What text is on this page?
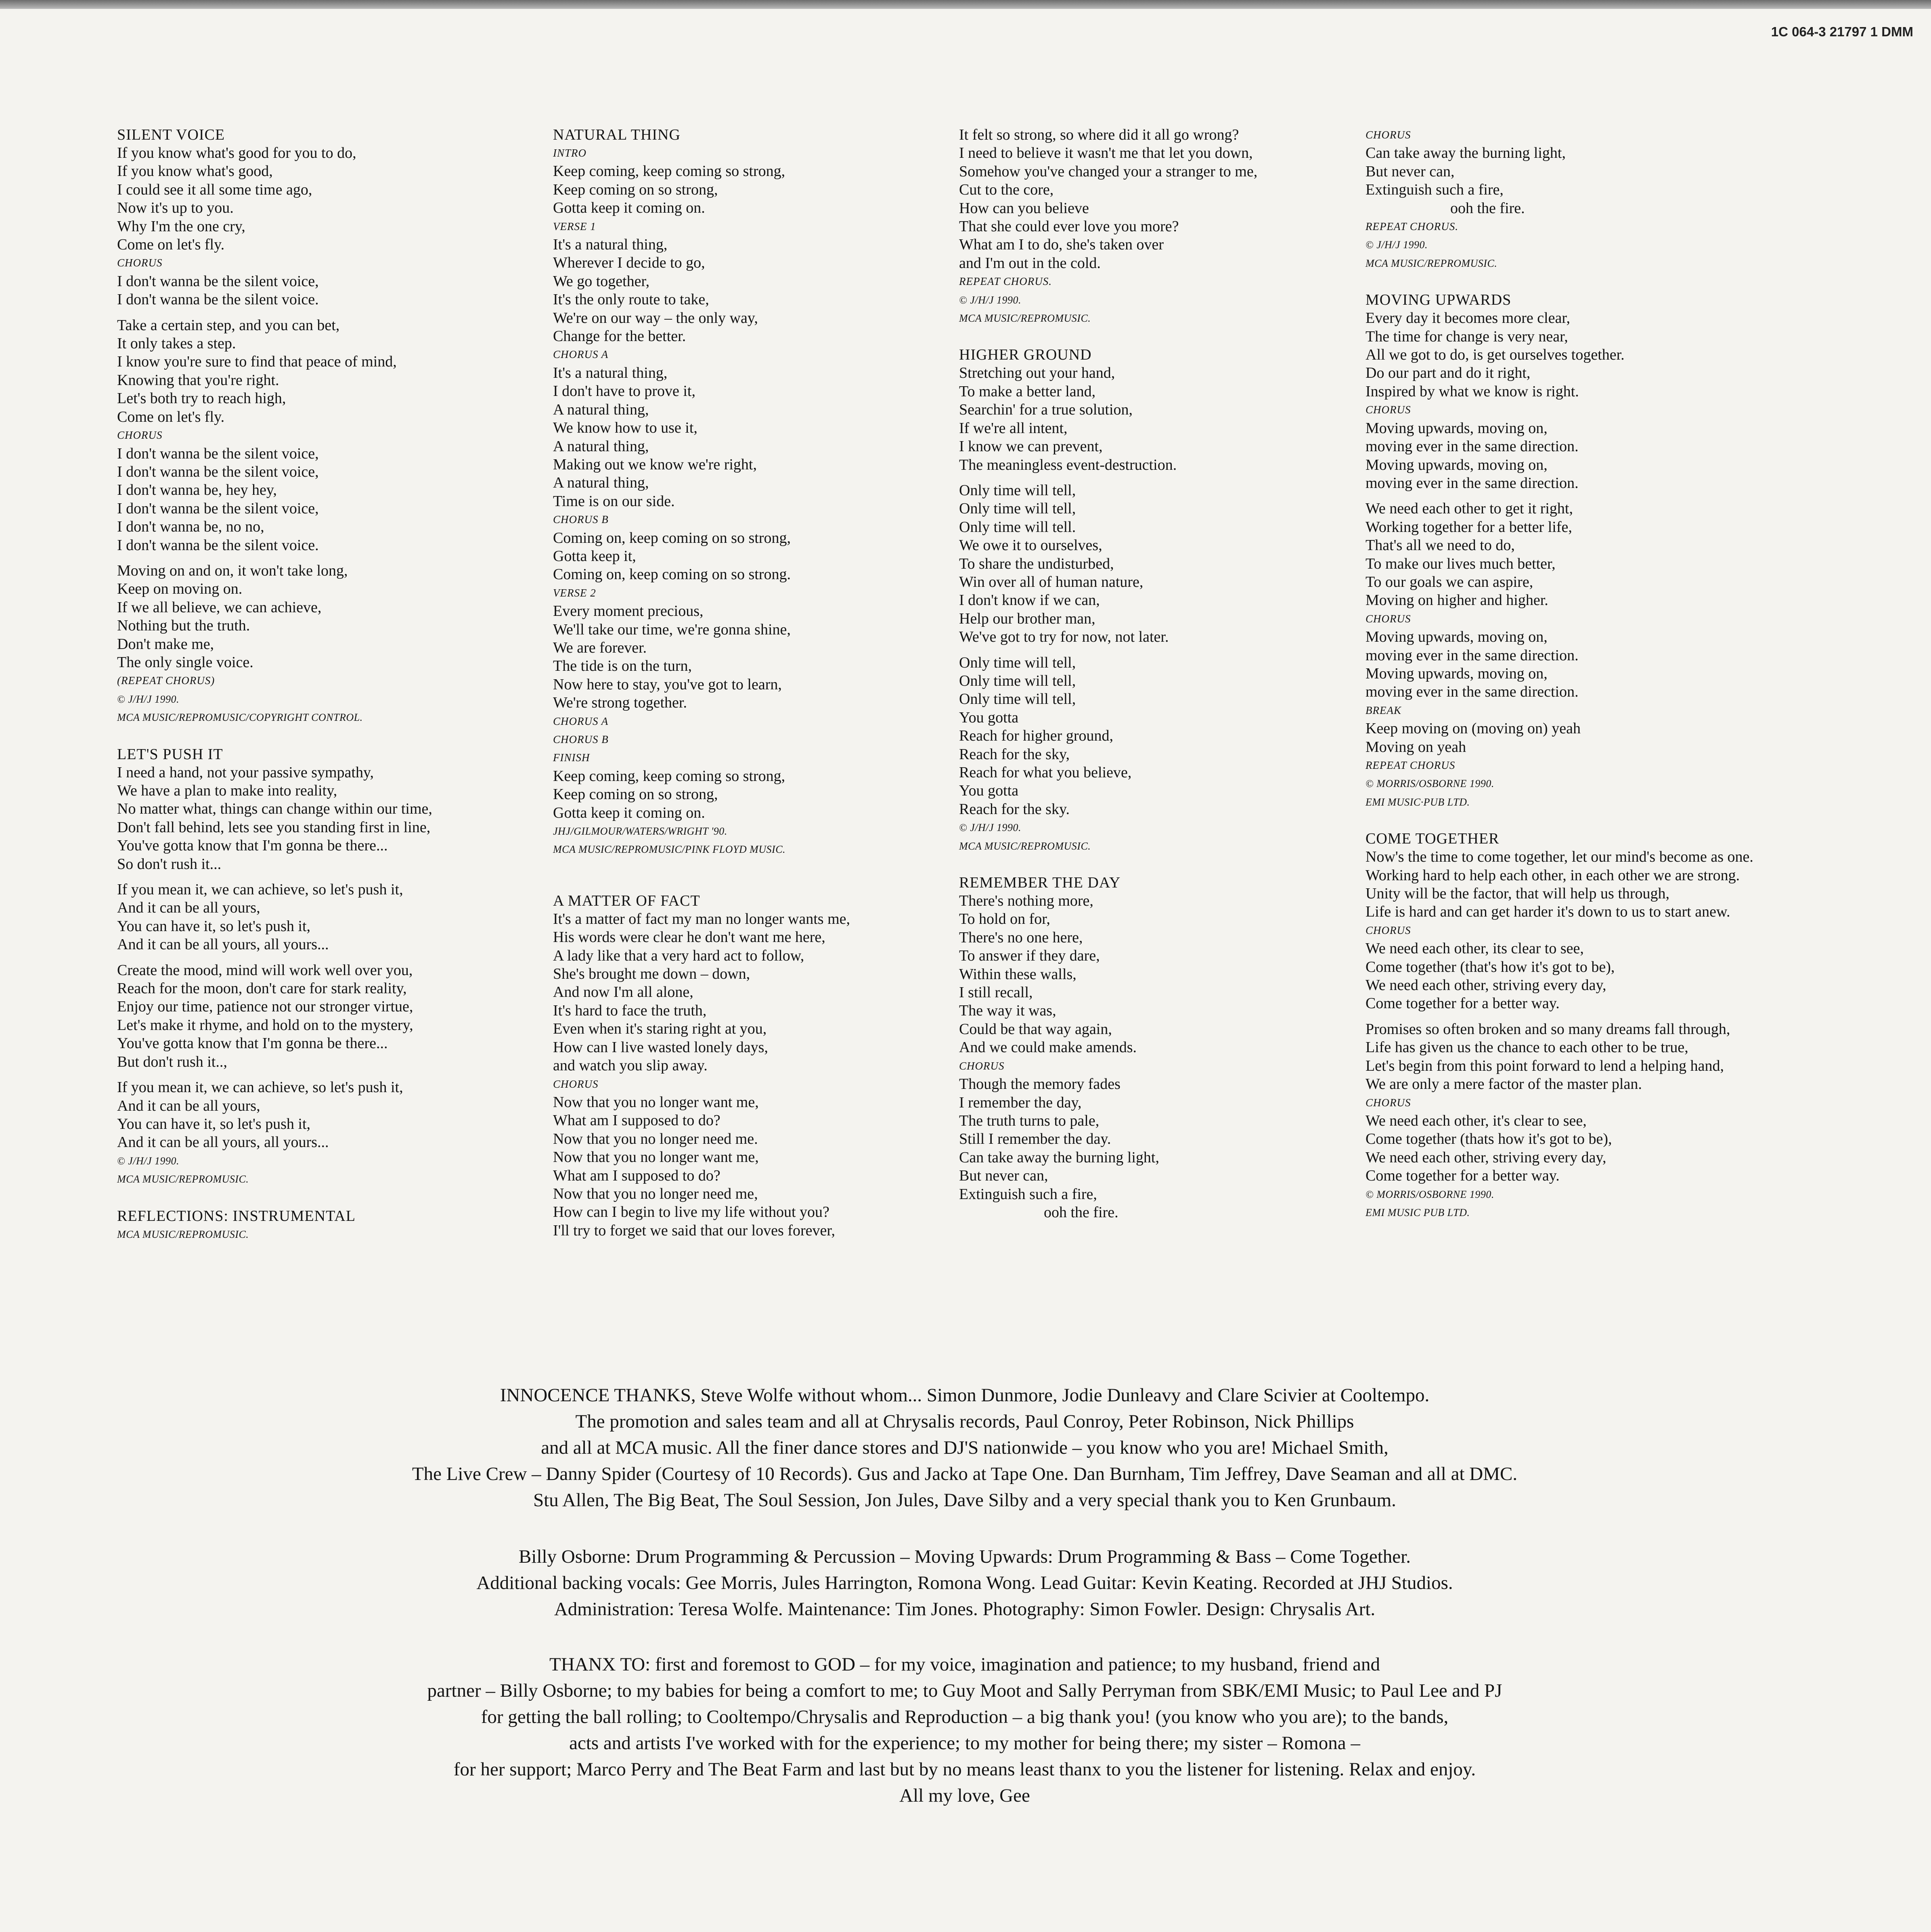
1C 064-3 21797 1 DMM
SILENT VOICE
If you know what's good for you to do,
If you know what's good,
I could see it all some time ago,
Now it's up to you.
Why I'm the one cry,
Come on let's fly.
CHORUS
I don't wanna be the silent voice,
I don't wanna be the silent voice.
Take a certain step, and you can bet,
It only takes a step.
I know you're sure to find that peace of mind,
Knowing that you're right.
Let's both try to reach high,
Come on let's fly.
CHORUS
I don't wanna be the silent voice,
I don't wanna be the silent voice,
I don't wanna be, hey hey,
I don't wanna be the silent voice,
I don't wanna be, no no,
I don't wanna be the silent voice.
Moving on and on, it won't take long,
Keep on moving on.
If we all believe, we can achieve,
Nothing but the truth.
Don't make me,
The only single voice.
(REPEAT CHORUS)
© J/H/J 1990.
MCA MUSIC/REPROMUSIC/COPYRIGHT CONTROL.
LET'S PUSH IT
I need a hand, not your passive sympathy,
We have a plan to make into reality,
No matter what, things can change within our time,
Don't fall behind, lets see you standing first in line,
You've gotta know that I'm gonna be there...
So don't rush it...
If you mean it, we can achieve, so let's push it,
And it can be all yours,
You can have it, so let's push it,
And it can be all yours, all yours...
Create the mood, mind will work well over you,
Reach for the moon, don't care for stark reality,
Enjoy our time, patience not our stronger virtue,
Let's make it rhyme, and hold on to the mystery,
You've gotta know that I'm gonna be there...
But don't rush it..,
If you mean it, we can achieve, so let's push it,
And it can be all yours,
You can have it, so let's push it,
And it can be all yours, all yours...
© J/H/J 1990.
MCA MUSIC/REPROMUSIC.
REFLECTIONS: INSTRUMENTAL
MCA MUSIC/REPROMUSIC.
NATURAL THING
INTRO
Keep coming, keep coming so strong,
Keep coming on so strong,
Gotta keep it coming on.
VERSE 1
It's a natural thing,
Wherever I decide to go,
We go together,
It's the only route to take,
We're on our way – the only way,
Change for the better.
CHORUS A
It's a natural thing,
I don't have to prove it,
A natural thing,
We know how to use it,
A natural thing,
Making out we know we're right,
A natural thing,
Time is on our side.
CHORUS B
Coming on, keep coming on so strong,
Gotta keep it,
Coming on, keep coming on so strong.
VERSE 2
Every moment precious,
We'll take our time, we're gonna shine,
We are forever.
The tide is on the turn,
Now here to stay, you've got to learn,
We're strong together.
CHORUS A
CHORUS B
FINISH
Keep coming, keep coming so strong,
Keep coming on so strong,
Gotta keep it coming on.
JHJ/GILMOUR/WATERS/WRIGHT '90.
MCA MUSIC/REPROMUSIC/PINK FLOYD MUSIC.
A MATTER OF FACT
It's a matter of fact my man no longer wants me,
His words were clear he don't want me here,
A lady like that a very hard act to follow,
She's brought me down – down,
And now I'm all alone,
It's hard to face the truth,
Even when it's staring right at you,
How can I live wasted lonely days,
and watch you slip away.
CHORUS
Now that you no longer want me,
What am I supposed to do?
Now that you no longer need me.
Now that you no longer want me,
What am I supposed to do?
Now that you no longer need me,
How can I begin to live my life without you?
I'll try to forget we said that our loves forever,
It felt so strong, so where did it all go wrong?
I need to believe it wasn't me that let you down,
Somehow you've changed your a stranger to me,
Cut to the core,
How can you believe
That she could ever love you more?
What am I to do, she's taken over
and I'm out in the cold.
REPEAT CHORUS.
© J/H/J 1990.
MCA MUSIC/REPROMUSIC.
HIGHER GROUND
Stretching out your hand,
To make a better land,
Searchin' for a true solution,
If we're all intent,
I know we can prevent,
The meaningless event-destruction.
Only time will tell,
Only time will tell,
Only time will tell.
We owe it to ourselves,
To share the undisturbed,
Win over all of human nature,
I don't know if we can,
Help our brother man,
We've got to try for now, not later.
Only time will tell,
Only time will tell,
Only time will tell,
You gotta
Reach for higher ground,
Reach for the sky,
Reach for what you believe,
You gotta
Reach for the sky.
© J/H/J 1990.
MCA MUSIC/REPROMUSIC.
REMEMBER THE DAY
There's nothing more,
To hold on for,
There's no one here,
To answer if they dare,
Within these walls,
I still recall,
The way it was,
Could be that way again,
And we could make amends.
CHORUS
Though the memory fades
I remember the day,
The truth turns to pale,
Still I remember the day.
Can take away the burning light,
But never can,
Extinguish such a fire,
ooh the fire.
CHORUS
Can take away the burning light,
But never can,
Extinguish such a fire,
ooh the fire.
REPEAT CHORUS.
© J/H/J 1990.
MCA MUSIC/REPROMUSIC.
MOVING UPWARDS
Every day it becomes more clear,
The time for change is very near,
All we got to do, is get ourselves together.
Do our part and do it right,
Inspired by what we know is right.
CHORUS
Moving upwards, moving on,
moving ever in the same direction.
Moving upwards, moving on,
moving ever in the same direction.
We need each other to get it right,
Working together for a better life,
That's all we need to do,
To make our lives much better,
To our goals we can aspire,
Moving on higher and higher.
CHORUS
Moving upwards, moving on,
moving ever in the same direction.
Moving upwards, moving on,
moving ever in the same direction.
BREAK
Keep moving on (moving on) yeah
Moving on yeah
REPEAT CHORUS
© MORRIS/OSBORNE 1990.
EMI MUSIC·PUB LTD.
COME TOGETHER
Now's the time to come together, let our mind's become as one.
Working hard to help each other, in each other we are strong.
Unity will be the factor, that will help us through,
Life is hard and can get harder it's down to us to start anew.
CHORUS
We need each other, its clear to see,
Come together (that's how it's got to be),
We need each other, striving every day,
Come together for a better way.
Promises so often broken and so many dreams fall through,
Life has given us the chance to each other to be true,
Let's begin from this point forward to lend a helping hand,
We are only a mere factor of the master plan.
CHORUS
We need each other, it's clear to see,
Come together (thats how it's got to be),
We need each other, striving every day,
Come together for a better way.
© MORRIS/OSBORNE 1990.
EMI MUSIC PUB LTD.
INNOCENCE THANKS, Steve Wolfe without whom... Simon Dunmore, Jodie Dunleavy and Clare Scivier at Cooltempo.
The promotion and sales team and all at Chrysalis records, Paul Conroy, Peter Robinson, Nick Phillips
and all at MCA music. All the finer dance stores and DJ'S nationwide – you know who you are! Michael Smith,
The Live Crew – Danny Spider (Courtesy of 10 Records). Gus and Jacko at Tape One. Dan Burnham, Tim Jeffrey, Dave Seaman and all at DMC.
Stu Allen, The Big Beat, The Soul Session, Jon Jules, Dave Silby and a very special thank you to Ken Grunbaum.
Billy Osborne: Drum Programming & Percussion – Moving Upwards: Drum Programming & Bass – Come Together.
Additional backing vocals: Gee Morris, Jules Harrington, Romona Wong. Lead Guitar: Kevin Keating. Recorded at JHJ Studios.
Administration: Teresa Wolfe. Maintenance: Tim Jones. Photography: Simon Fowler. Design: Chrysalis Art.
THANX TO: first and foremost to GOD – for my voice, imagination and patience; to my husband, friend and
partner – Billy Osborne; to my babies for being a comfort to me; to Guy Moot and Sally Perryman from SBK/EMI Music; to Paul Lee and PJ
for getting the ball rolling; to Cooltempo/Chrysalis and Reproduction – a big thank you! (you know who you are); to the bands,
acts and artists I've worked with for the experience; to my mother for being there; my sister – Romona –
for her support; Marco Perry and The Beat Farm and last but by no means least thanx to you the listener for listening. Relax and enjoy.
All my love, Gee
